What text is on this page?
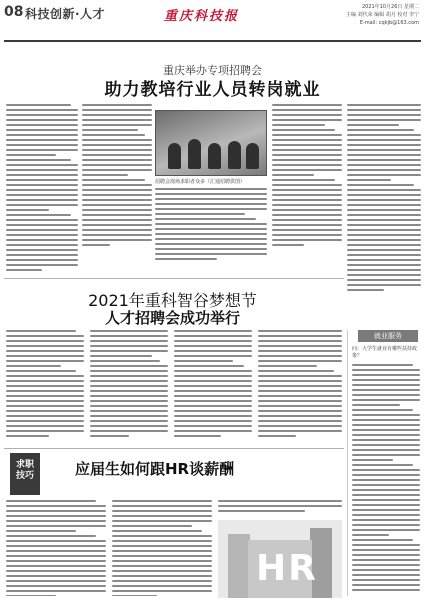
08 科技创新·人才	重庆科技报
2021年10月26日 星期二
主编 刘代荣 编辑 胡月 校对 李宁
E-mail: cqkjb@163.com
重庆举办专项招聘会
助力教培行业人员转岗就业
招聘会现场求职者众多（汇通招聘供图）
2021年重科智谷梦想节
人才招聘会成功举行
就业服务
问：大学生就业有哪些扶持政策？
求职
技巧	应届生如何跟HR谈薪酬
HR
